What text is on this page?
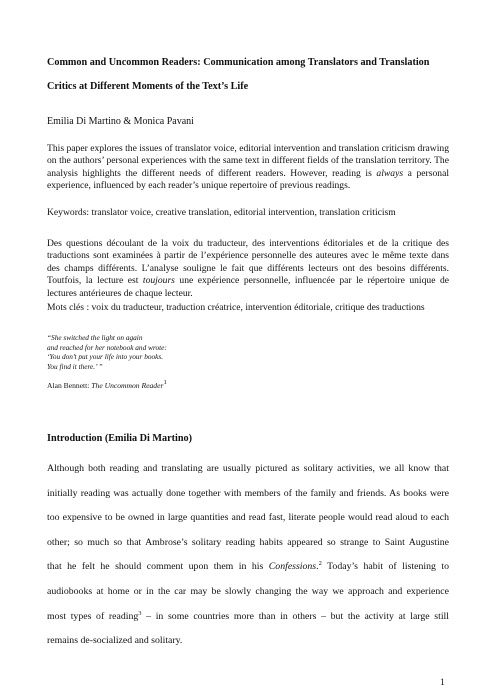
Common and Uncommon Readers: Communication among Translators and Translation
Critics at Different Moments of the Text’s Life
Emilia Di Martino & Monica Pavani
This paper explores the issues of translator voice, editorial intervention and translation criticism drawing on the authors’ personal experiences with the same text in different fields of the translation territory. The analysis highlights the different needs of different readers. However, reading is always a personal experience, influenced by each reader’s unique repertoire of previous readings.
Keywords: translator voice, creative translation, editorial intervention, translation criticism
Des questions découlant de la voix du traducteur, des interventions éditoriales et de la critique des traductions sont examinées à partir de l’expérience personnelle des auteures avec le même texte dans des champs différents. L’analyse souligne le fait que différents lecteurs ont des besoins différents. Toutfois, la lecture est toujours une expérience personnelle, influencée par le répertoire unique de lectures antérieures de chaque lecteur.
Mots clés : voix du traducteur, traduction créatrice, intervention éditoriale, critique des traductions
“She switched the light on again
and reached for her notebook and wrote:
‘You don’t put your life into your books.
You find it there.’ ”
Alan Bennett: The Uncommon Reader$^1$
Introduction (Emilia Di Martino)
Although both reading and translating are usually pictured as solitary activities, we all know that
initially reading was actually done together with members of the family and friends. As books were
too expensive to be owned in large quantities and read fast, literate people would read aloud to each
other; so much so that Ambrose’s solitary reading habits appeared so strange to Saint Augustine
that he felt he should comment upon them in his Confessions.$^2$ Today’s habit of listening to
audiobooks at home or in the car may be slowly changing the way we approach and experience
most types of reading$^3$ – in some countries more than in others – but the activity at large still
remains de-socialized and solitary.
1
